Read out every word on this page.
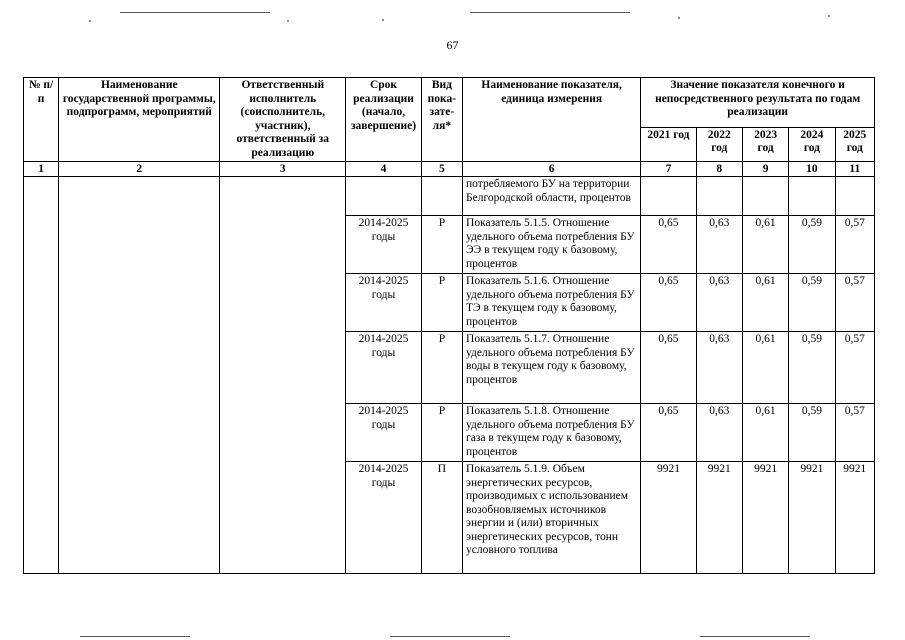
67
№ п/п	Наименование государственной программы, подпрограмм, мероприятий	Ответственный исполнитель (соисполнитель, участник), ответственный за реализацию	Срок реализации (начало, завершение)	Вид пока-зате-ля*	Наименование показателя, единица измерения	Значение показателя конечного и непосредственного результата по годам реализации				
						2021 год	2022 год	2023 год	2024 год	2025 год
1	2	3	4	5	6	7	8	9	10	11
					потребляемого БУ на территории Белгородской области, процентов					
			2014-2025 годы	Р	Показатель 5.1.5. Отношение удельного объема потребления БУ ЭЭ в текущем году к базовому, процентов	0,65	0,63	0,61	0,59	0,57
			2014-2025 годы	Р	Показатель 5.1.6. Отношение удельного объема потребления БУ ТЭ в текущем году к базовому, процентов	0,65	0,63	0,61	0,59	0,57
			2014-2025 годы	Р	Показатель 5.1.7. Отношение удельного объема потребления БУ воды в текущем году к базовому, процентов	0,65	0,63	0,61	0,59	0,57
			2014-2025 годы	Р	Показатель 5.1.8. Отношение удельного объема потребления БУ газа в текущем году к базовому, процентов	0,65	0,63	0,61	0,59	0,57
			2014-2025 годы	П	Показатель 5.1.9. Объем энергетических ресурсов, производимых с использованием возобновляемых источников энергии и (или) вторичных энергетических ресурсов, тонн условного топлива	9921	9921	9921	9921	9921
